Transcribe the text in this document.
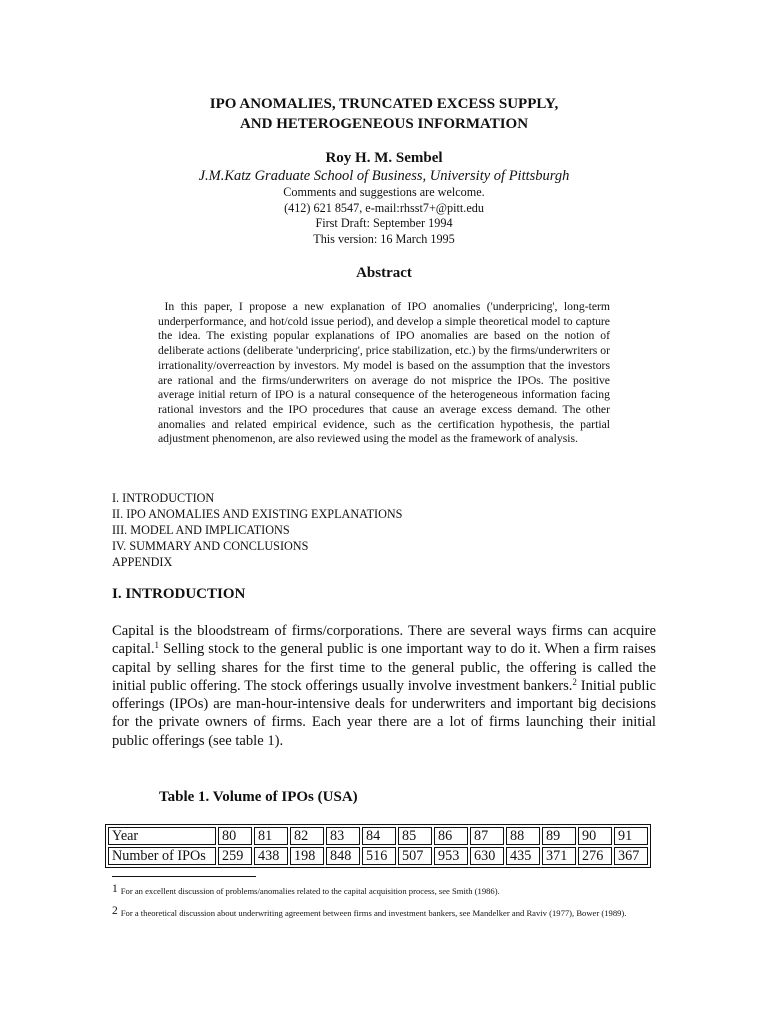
IPO ANOMALIES, TRUNCATED EXCESS SUPPLY,
AND HETEROGENEOUS INFORMATION
Roy H. M. Sembel
J.M.Katz Graduate School of Business, University of Pittsburgh
Comments and suggestions are welcome.
(412) 621 8547, e-mail:rhsst7+@pitt.edu
First Draft: September 1994
This version: 16 March 1995
Abstract

In this paper, I propose a new explanation of IPO anomalies ('underpricing', long-term underperformance, and hot/cold issue period), and develop a simple theoretical model to capture the idea. The existing popular explanations of IPO anomalies are based on the notion of deliberate actions (deliberate 'underpricing', price stabilization, etc.) by the firms/underwriters or irrationality/overreaction by investors. My model is based on the assumption that the investors are rational and the firms/underwriters on average do not misprice the IPOs. The positive average initial return of IPO is a natural consequence of the heterogeneous information facing rational investors and the IPO procedures that cause an average excess demand. The other anomalies and related empirical evidence, such as the certification hypothesis, the partial adjustment phenomenon, are also reviewed using the model as the framework of analysis.

I. INTRODUCTION
II. IPO ANOMALIES AND EXISTING EXPLANATIONS
III. MODEL AND IMPLICATIONS
IV. SUMMARY AND CONCLUSIONS
APPENDIX
I. INTRODUCTION

Capital is the bloodstream of firms/corporations. There are several ways firms can acquire capital.$^1$ Selling stock to the general public is one important way to do it. When a firm raises capital by selling shares for the first time to the general public, the offering is called the initial public offering. The stock offerings usually involve investment bankers.$^2$ Initial public offerings (IPOs) are man-hour-intensive deals for underwriters and important big decisions for the private owners of firms. Each year there are a lot of firms launching their initial public offerings (see table 1).

Table 1. Volume of IPOs (USA)
Year	80	81	82	83	84	85	86	87	88	89	90	91
Number of IPOs	259	438	198	848	516	507	953	630	435	371	276	367
1 For an excellent discussion of problems/anomalies related to the capital acquisition process, see Smith (1986).
2 For a theoretical discussion about underwriting agreement between firms and investment bankers, see Mandelker and Raviv (1977), Bower (1989).
